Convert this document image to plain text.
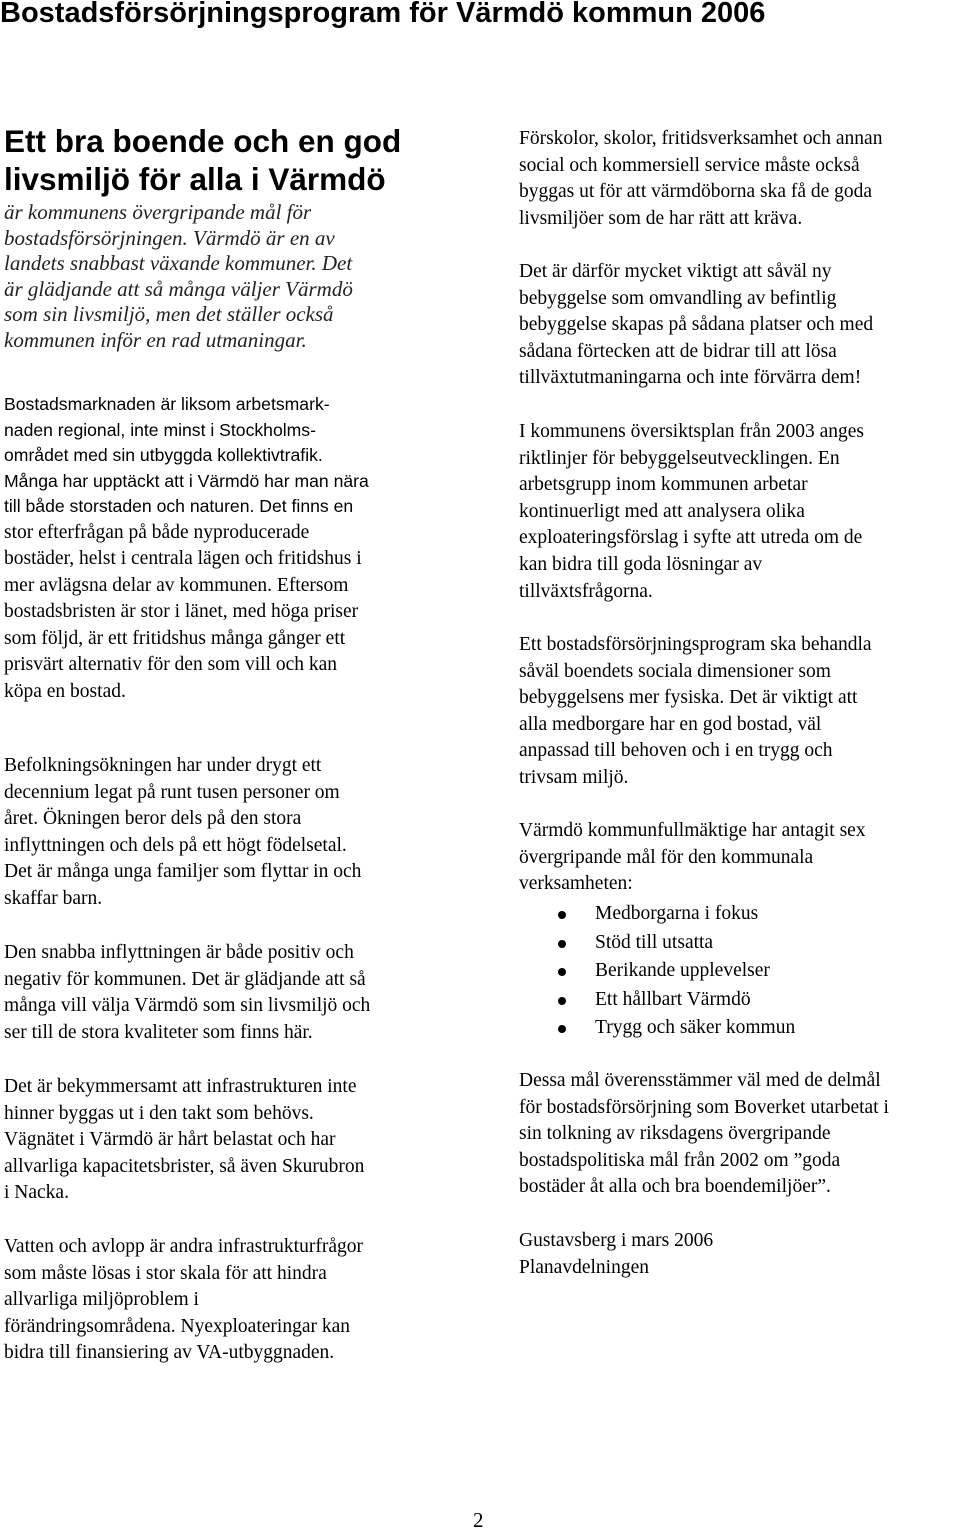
Bostadsförsörjningsprogram för Värmdö kommun 2006
Ett bra boende och en god
livsmiljö för alla i Värmdö

är kommunens övergripande mål för
bostadsförsörjningen. Värmdö är en av
landets snabbast växande kommuner. Det
är glädjande att så många väljer Värmdö
som sin livsmiljö, men det ställer också
kommunen inför en rad utmaningar.

Bostadsmarknaden är liksom arbetsmark-
naden regional, inte minst i Stockholms-
området med sin utbyggda kollektivtrafik.
Många har upptäckt att i Värmdö har man nära
till både storstaden och naturen. Det finns en
stor efterfrågan på både nyproducerade
bostäder, helst i centrala lägen och fritidshus i
mer avlägsna delar av kommunen. Eftersom
bostadsbristen är stor i länet, med höga priser
som följd, är ett fritidshus många gånger ett
prisvärt alternativ för den som vill och kan
köpa en bostad.

Befolkningsökningen har under drygt ett
decennium legat på runt tusen personer om
året. Ökningen beror dels på den stora
inflyttningen och dels på ett högt födelsetal.
Det är många unga familjer som flyttar in och
skaffar barn.

Den snabba inflyttningen är både positiv och
negativ för kommunen. Det är glädjande att så
många vill välja Värmdö som sin livsmiljö och
ser till de stora kvaliteter som finns här.

Det är bekymmersamt att infrastrukturen inte
hinner byggas ut i den takt som behövs.
Vägnätet i Värmdö är hårt belastat och har
allvarliga kapacitetsbrister, så även Skurubron
i Nacka.

Vatten och avlopp är andra infrastrukturfrågor
som måste lösas i stor skala för att hindra
allvarliga miljöproblem i
förändringsområdena. Nyexploateringar kan
bidra till finansiering av VA-utbyggnaden.

Förskolor, skolor, fritidsverksamhet och annan
social och kommersiell service måste också
byggas ut för att värmdöborna ska få de goda
livsmiljöer som de har rätt att kräva.

Det är därför mycket viktigt att såväl ny
bebyggelse som omvandling av befintlig
bebyggelse skapas på sådana platser och med
sådana förtecken att de bidrar till att lösa
tillväxtutmaningarna och inte förvärra dem!

I kommunens översiktsplan från 2003 anges
riktlinjer för bebyggelseutvecklingen. En
arbetsgrupp inom kommunen arbetar
kontinuerligt med att analysera olika
exploateringsförslag i syfte att utreda om de
kan bidra till goda lösningar av
tillväxtsfrågorna.

Ett bostadsförsörjningsprogram ska behandla
såväl boendets sociala dimensioner som
bebyggelsens mer fysiska. Det är viktigt att
alla medborgare har en god bostad, väl
anpassad till behoven och i en trygg och
trivsam miljö.

Värmdö kommunfullmäktige har antagit sex
övergripande mål för den kommunala
verksamheten:

Medborgarna i fokus
Stöd till utsatta
Berikande upplevelser
Ett hållbart Värmdö
Trygg och säker kommun

Dessa mål överensstämmer väl med de delmål
för bostadsförsörjning som Boverket utarbetat i
sin tolkning av riksdagens övergripande
bostadspolitiska mål från 2002 om ”goda
bostäder åt alla och bra boendemiljöer”.

Gustavsberg i mars 2006
Planavdelningen

2
